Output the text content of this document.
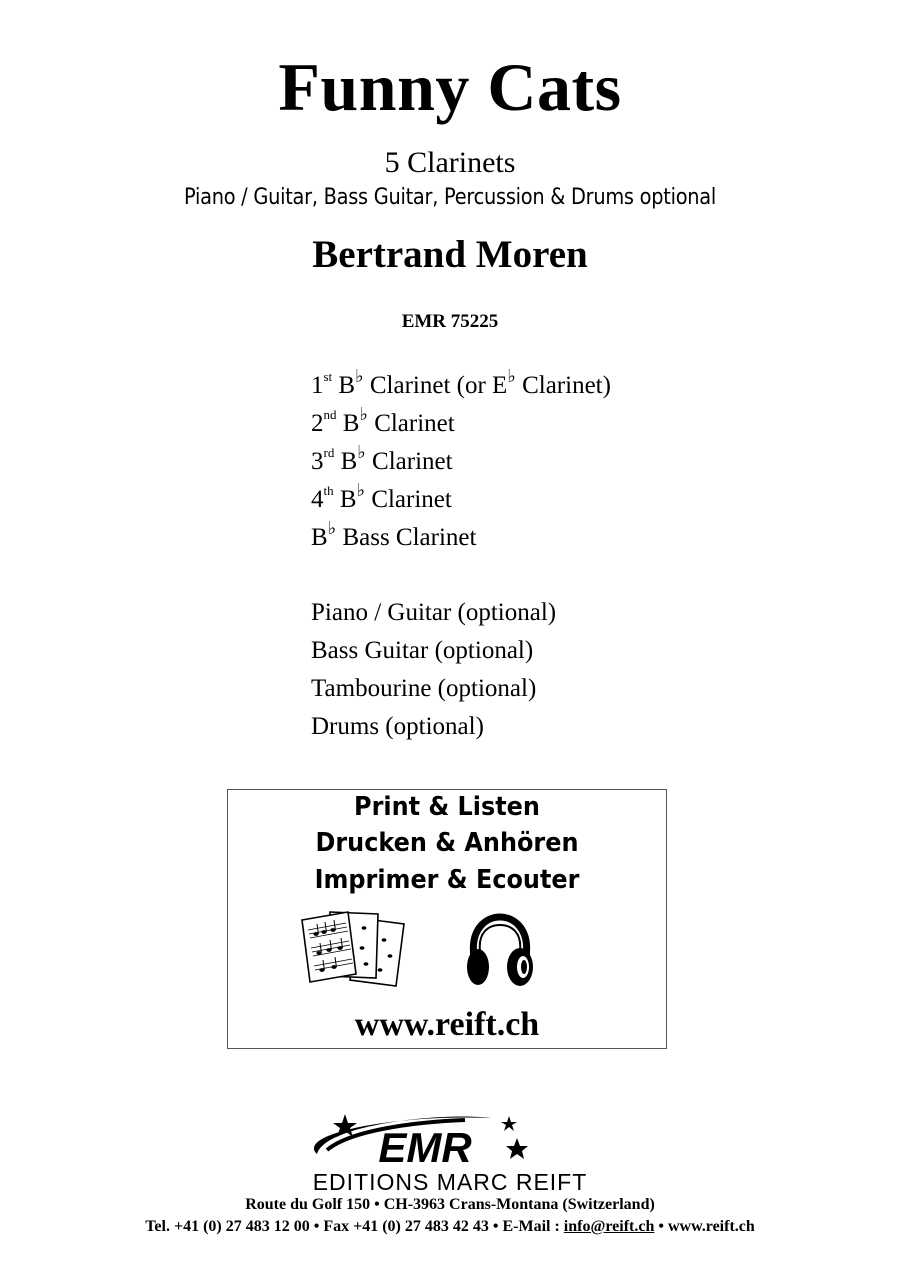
Funny Cats
5 Clarinets
Piano / Guitar, Bass Guitar, Percussion & Drums optional
Bertrand Moren
EMR 75225
1st B♭ Clarinet (or E♭ Clarinet)
2nd B♭ Clarinet
3rd B♭ Clarinet
4th B♭ Clarinet
B♭ Bass Clarinet
Piano / Guitar (optional)
Bass Guitar (optional)
Tambourine (optional)
Drums (optional)
Print & Listen
Drucken & Anhören
Imprimer & Ecouter
www.reift.ch
EMR
EDITIONS MARC REIFT
Route du Golf 150 • CH-3963 Crans-Montana (Switzerland)
Tel. +41 (0) 27 483 12 00 • Fax +41 (0) 27 483 42 43 • E-Mail : info@reift.ch • www.reift.ch
